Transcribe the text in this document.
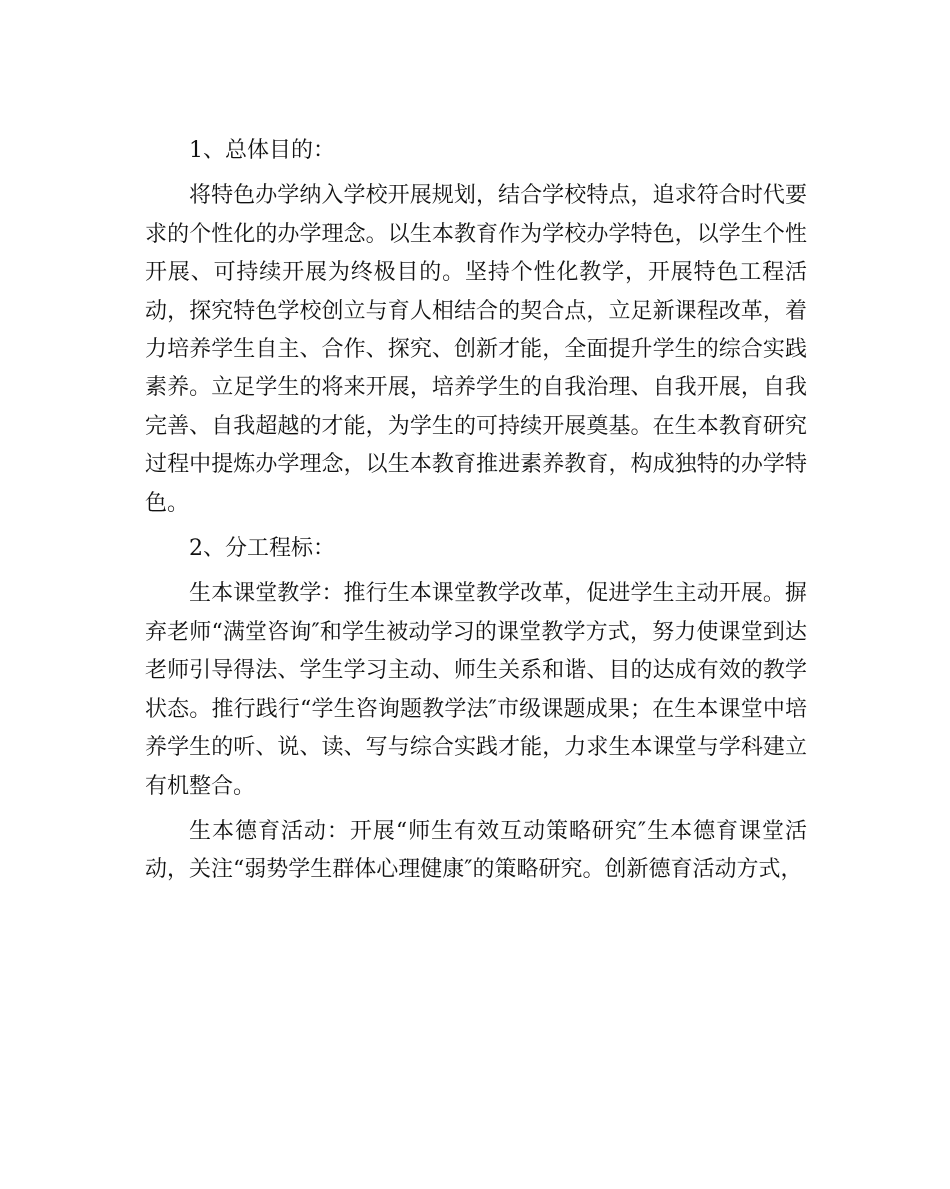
1、总体目的：

将特色办学纳入学校开展规划，结合学校特点，追求符合时代要求的个性化的办学理念。以生本教育作为学校办学特色，以学生个性开展、可持续开展为终极目的。坚持个性化教学，开展特色工程活动，探究特色学校创立与育人相结合的契合点，立足新课程改革，着力培养学生自主、合作、探究、创新才能，全面提升学生的综合实践素养。立足学生的将来开展，培养学生的自我治理、自我开展，自我完善、自我超越的才能，为学生的可持续开展奠基。在生本教育研究过程中提炼办学理念，以生本教育推进素养教育，构成独特的办学特色。

2、分工程标：

生本课堂教学：推行生本课堂教学改革，促进学生主动开展。摒弃老师“满堂咨询″和学生被动学习的课堂教学方式，努力使课堂到达老师引导得法、学生学习主动、师生关系和谐、目的达成有效的教学状态。推行践行“学生咨询题教学法″市级课题成果；在生本课堂中培养学生的听、说、读、写与综合实践才能，力求生本课堂与学科建立有机整合。

生本德育活动：开展“师生有效互动策略研究″生本德育课堂活动，关注“弱势学生群体心理健康″的策略研究。创新德育活动方式，
